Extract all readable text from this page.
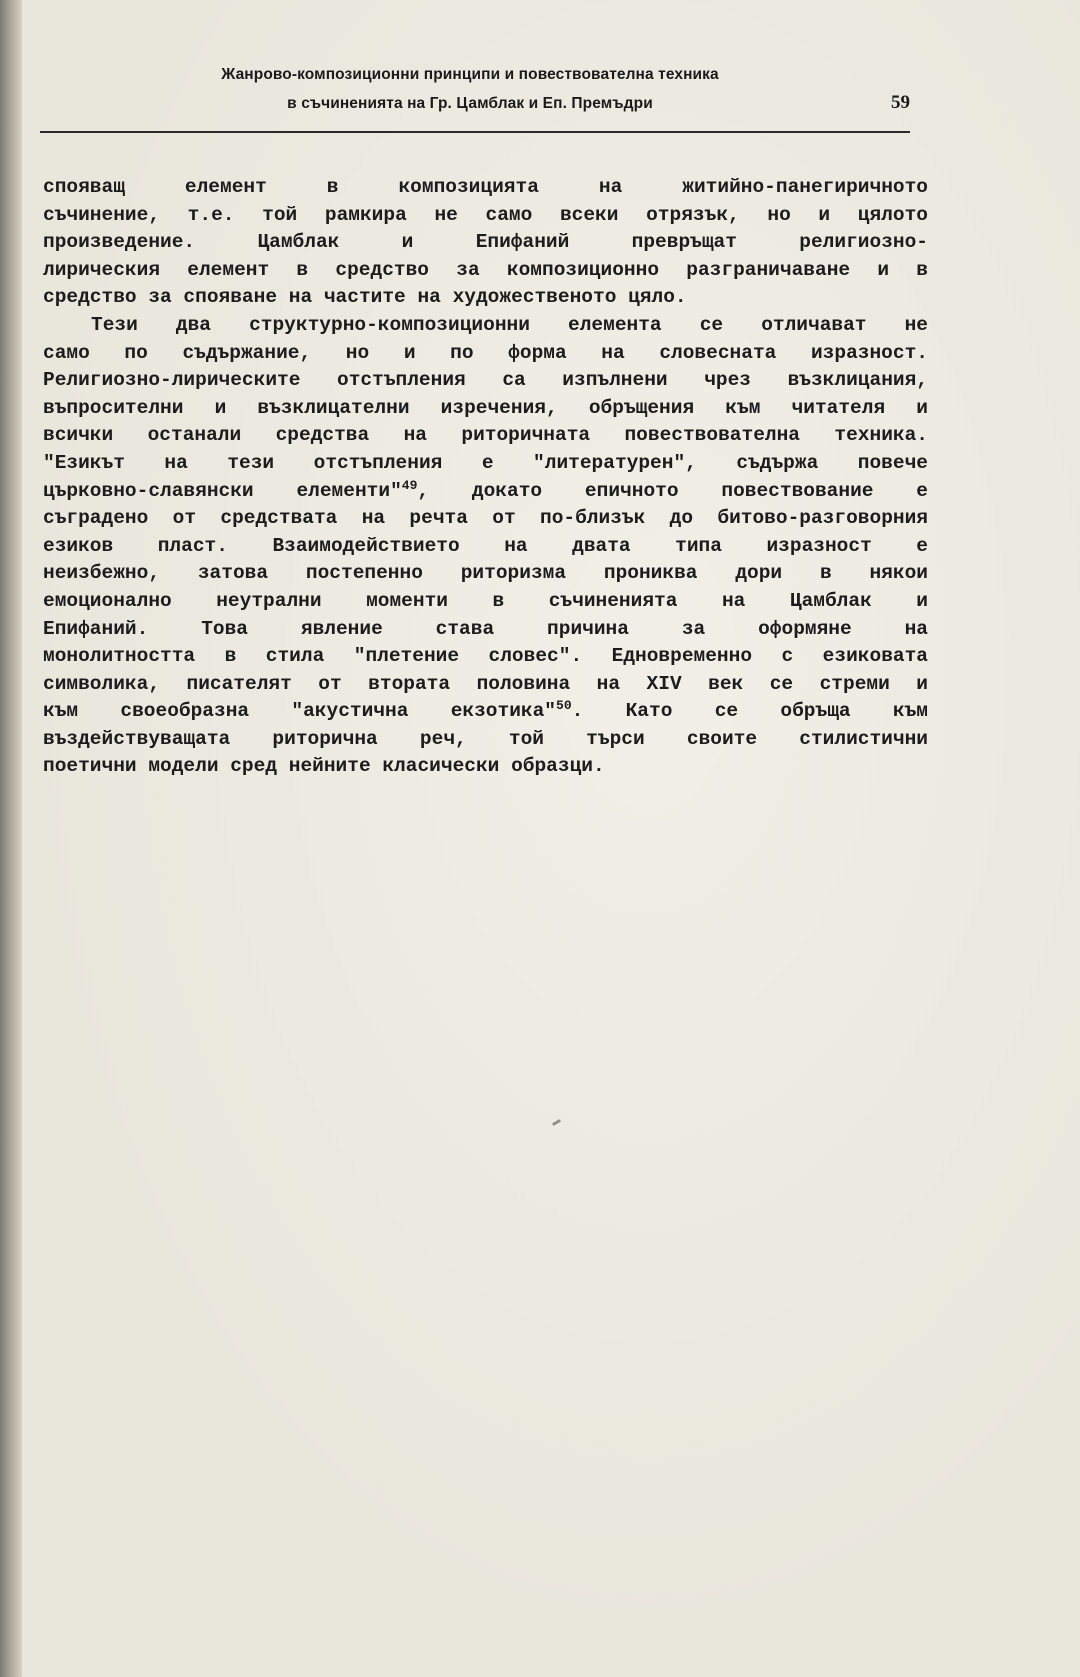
Жанрово-композиционни принципи и повествователна техника
в съчиненията на Гр. Цамблак и Еп. Премъдри	59
спояващ елемент в композицията на житийно-панегиричното
съчинение, т.е. той рамкира не само всеки отрязък, но и цялото
произведение. Цамблак и Епифаний превръщат религиозно-
лирическия елемент в средство за композиционно разграничаване и в
средство за спояване на частите на художественото цяло.
Тези два структурно-композиционни елемента се отличават не
само по съдържание, но и по форма на словесната изразност.
Религиозно-лирическите отстъпления са изпълнени чрез възклицания,
въпросителни и възклицателни изречения, обръщения към читателя и
всички останали средства на риторичната повествователна техника.
"Езикът на тези отстъпления е "литературен", съдържа повече
църковно-славянски елементи"$^{49}$, докато епичното повествование е
съградено от средствата на речта от по-близък до битово-разговорния
езиков пласт. Взаимодействието на двата типа изразност е
неизбежно, затова постепенно риторизма прониква дори в някои
емоционално неутрални моменти в съчиненията на Цамблак и
Епифаний. Това явление става причина за оформяне на
монолитността в стила "плетение словес". Едновременно с езиковата
символика, писателят от втората половина на XIV век се стреми и
към своеобразна "акустична екзотика"$^{50}$. Като се обръща към
въздействуващата риторична реч, той търси своите стилистични
поетични модели сред нейните класически образци.
